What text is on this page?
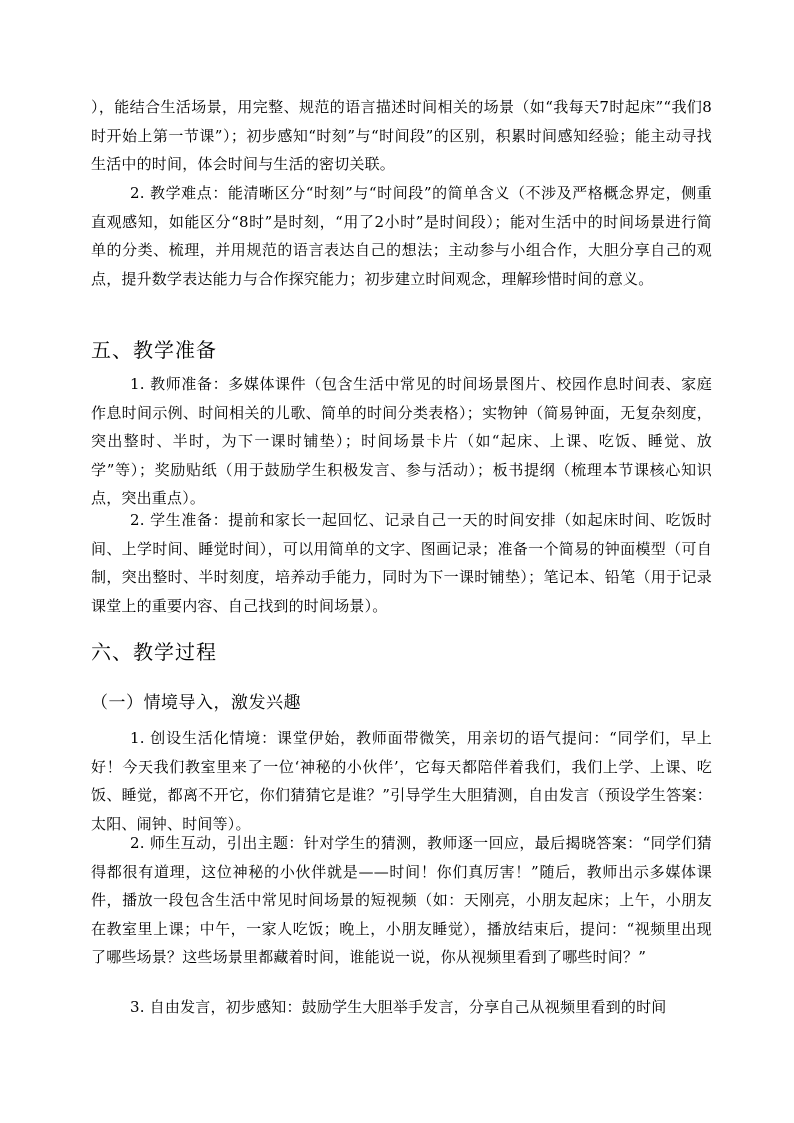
），能结合生活场景，用完整、规范的语言描述时间相关的场景（如“我每天7时起床”“我们8时开始上第一节课”）；初步感知“时刻”与“时间段”的区别，积累时间感知经验；能主动寻找生活中的时间，体会时间与生活的密切关联。

2. 教学难点：能清晰区分“时刻”与“时间段”的简单含义（不涉及严格概念界定，侧重直观感知，如能区分“8时”是时刻，“用了2小时”是时间段）；能对生活中的时间场景进行简单的分类、梳理，并用规范的语言表达自己的想法；主动参与小组合作，大胆分享自己的观点，提升数学表达能力与合作探究能力；初步建立时间观念，理解珍惜时间的意义。

五、教学准备

1. 教师准备：多媒体课件（包含生活中常见的时间场景图片、校园作息时间表、家庭作息时间示例、时间相关的儿歌、简单的时间分类表格）；实物钟（简易钟面，无复杂刻度，突出整时、半时，为下一课时铺垫）；时间场景卡片（如“起床、上课、吃饭、睡觉、放学”等）；奖励贴纸（用于鼓励学生积极发言、参与活动）；板书提纲（梳理本节课核心知识点，突出重点）。

2. 学生准备：提前和家长一起回忆、记录自己一天的时间安排（如起床时间、吃饭时间、上学时间、睡觉时间），可以用简单的文字、图画记录；准备一个简易的钟面模型（可自制，突出整时、半时刻度，培养动手能力，同时为下一课时铺垫）；笔记本、铅笔（用于记录课堂上的重要内容、自己找到的时间场景）。

六、教学过程
（一）情境导入，激发兴趣

1. 创设生活化情境：课堂伊始，教师面带微笑，用亲切的语气提问：“同学们，早上好！今天我们教室里来了一位‘神秘的小伙伴’，它每天都陪伴着我们，我们上学、上课、吃饭、睡觉，都离不开它，你们猜猜它是谁？”引导学生大胆猜测，自由发言（预设学生答案：太阳、闹钟、时间等）。

2. 师生互动，引出主题：针对学生的猜测，教师逐一回应，最后揭晓答案：“同学们猜得都很有道理，这位神秘的小伙伴就是——时间！你们真厉害！”随后，教师出示多媒体课件，播放一段包含生活中常见时间场景的短视频（如：天刚亮，小朋友起床；上午，小朋友在教室里上课；中午，一家人吃饭；晚上，小朋友睡觉），播放结束后，提问：“视频里出现了哪些场景？这些场景里都藏着时间，谁能说一说，你从视频里看到了哪些时间？”

3. 自由发言，初步感知：鼓励学生大胆举手发言，分享自己从视频里看到的时间
